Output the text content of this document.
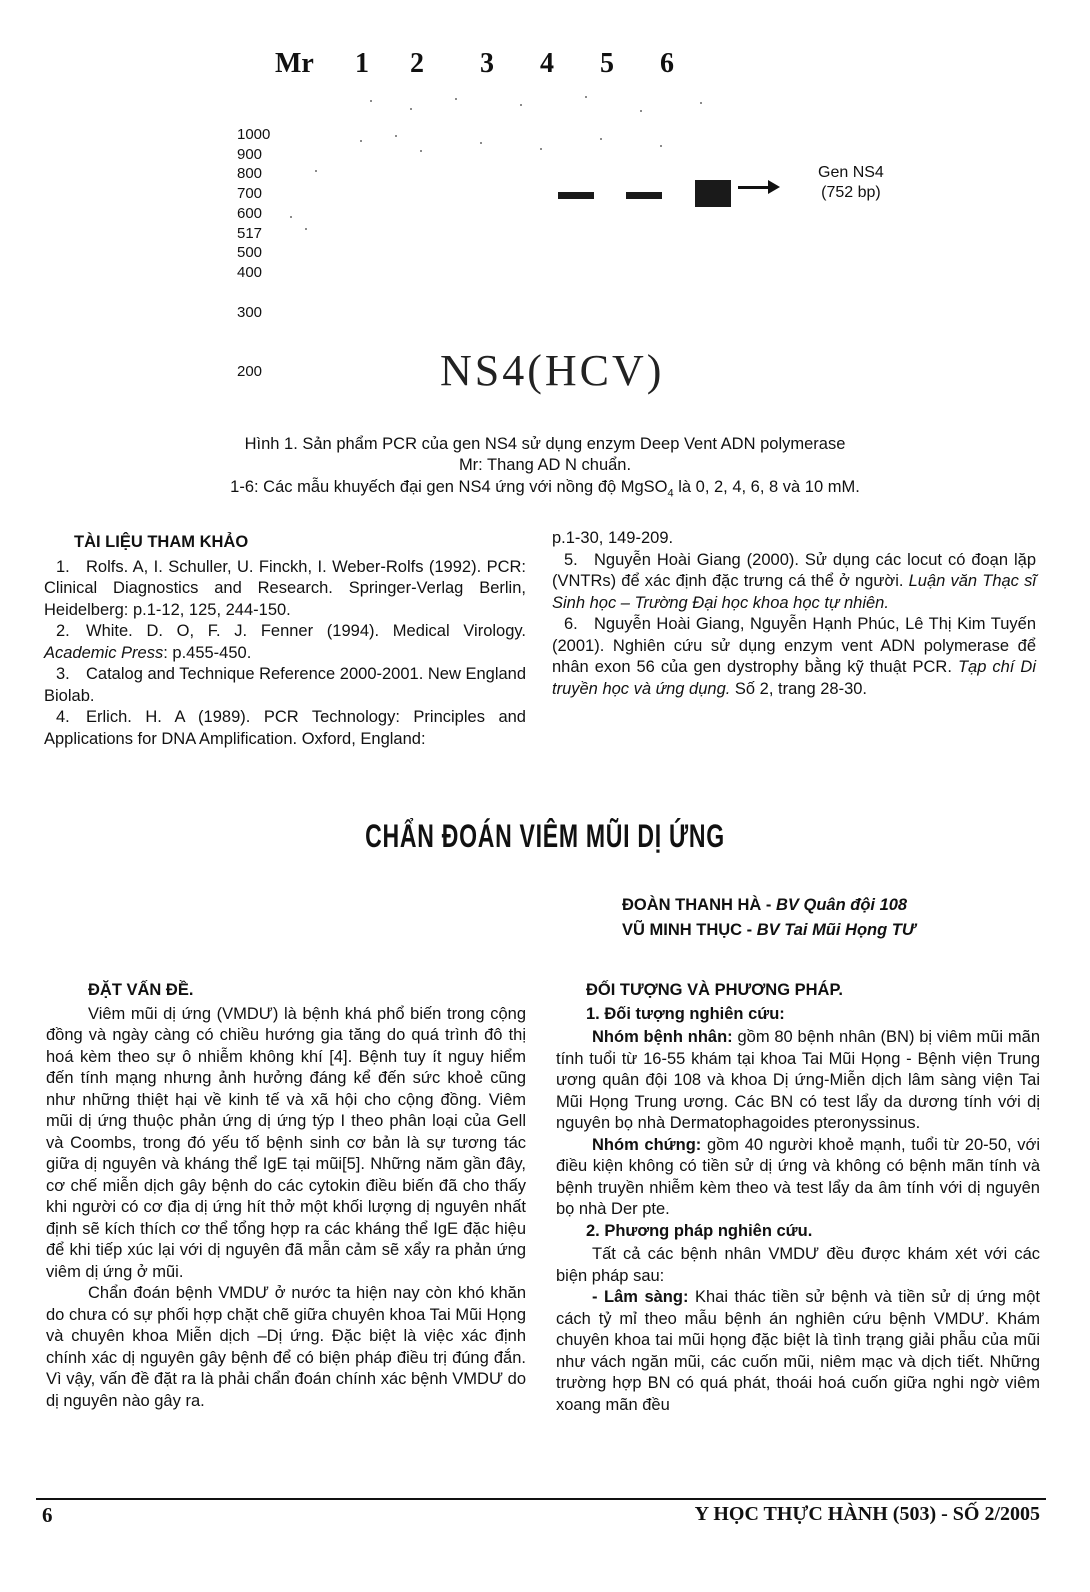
Mr 1 2 3 4 5 6
1000
900
800
700
600
517
500
400
300
200
Gen NS4
(752 bp)
NS4(HCV)
Hình 1. Sản phẩm PCR của gen NS4 sử dụng enzym Deep Vent ADN polymerase
Mr: Thang AD N chuẩn.
1-6: Các mẫu khuyếch đại gen NS4 ứng với nồng độ MgSO$_4$ là 0, 2, 4, 6, 8 và 10 mM.
TÀI LIỆU THAM KHẢO

1. Rolfs. A, I. Schuller, U. Finckh, I. Weber-Rolfs (1992). PCR: Clinical Diagnostics and Research. Springer-Verlag Berlin, Heidelberg: p.1-12, 125, 244-150.

2. White. D. O, F. J. Fenner (1994). Medical Virology. Academic Press: p.455-450.

3. Catalog and Technique Reference 2000-2001. New England Biolab.

4. Erlich. H. A (1989). PCR Technology: Principles and Applications for DNA Amplification. Oxford, England:

p.1-30, 149-209.

5. Nguyễn Hoài Giang (2000). Sử dụng các locut có đoạn lặp (VNTRs) để xác định đặc trưng cá thể ở người. Luận văn Thạc sĩ Sinh học – Trường Đại học khoa học tự nhiên.

6. Nguyễn Hoài Giang, Nguyễn Hạnh Phúc, Lê Thị Kim Tuyến (2001). Nghiên cứu sử dụng enzym vent ADN polymerase để nhân exon 56 của gen dystrophy bằng kỹ thuật PCR. Tạp chí Di truyền học và ứng dụng. Số 2, trang 28-30.

CHẨN ĐOÁN VIÊM MŨI DỊ ỨNG
ĐOÀN THANH HÀ - BV Quân đội 108
VŨ MINH THỤC - BV Tai Mũi Họng TƯ
ĐẶT VẤN ĐỀ.

Viêm mũi dị ứng (VMDƯ) là bệnh khá phổ biến trong cộng đồng và ngày càng có chiều hướng gia tăng do quá trình đô thị hoá kèm theo sự ô nhiễm không khí [4]. Bệnh tuy ít nguy hiểm đến tính mạng nhưng ảnh hưởng đáng kể đến sức khoẻ cũng như những thiệt hại về kinh tế và xã hội cho cộng đồng. Viêm mũi dị ứng thuộc phản ứng dị ứng týp I theo phân loại của Gell và Coombs, trong đó yếu tố bệnh sinh cơ bản là sự tương tác giữa dị nguyên và kháng thể IgE tại mũi[5]. Những năm gần đây, cơ chế miễn dịch gây bệnh do các cytokin điều biến đã cho thấy khi người có cơ địa dị ứng hít thở một khối lượng dị nguyên nhất định sẽ kích thích cơ thể tổng hợp ra các kháng thể IgE đặc hiệu để khi tiếp xúc lại với dị nguyên đã mẫn cảm sẽ xẩy ra phản ứng viêm dị ứng ở mũi.

Chẩn đoán bệnh VMDƯ ở nước ta hiện nay còn khó khăn do chưa có sự phối hợp chặt chẽ giữa chuyên khoa Tai Mũi Họng và chuyên khoa Miễn dịch –Dị ứng. Đặc biệt là việc xác định chính xác dị nguyên gây bệnh để có biện pháp điều trị đúng đắn. Vì vậy, vấn đề đặt ra là phải chẩn đoán chính xác bệnh VMDƯ do dị nguyên nào gây ra.

ĐỐI TƯỢNG VÀ PHƯƠNG PHÁP.
1. Đối tượng nghiên cứu:

Nhóm bệnh nhân: gồm 80 bệnh nhân (BN) bị viêm mũi mãn tính tuổi từ 16-55 khám tại khoa Tai Mũi Họng - Bệnh viện Trung ương quân đội 108 và khoa Dị ứng-Miễn dịch lâm sàng viện Tai Mũi Họng Trung ương. Các BN có test lẩy da dương tính với dị nguyên bọ nhà Dermatophagoides pteronyssinus.

Nhóm chứng: gồm 40 người khoẻ mạnh, tuổi từ 20-50, với điều kiện không có tiền sử dị ứng và không có bệnh mãn tính và bệnh truyền nhiễm kèm theo và test lẩy da âm tính với dị nguyên bọ nhà Der pte.

2. Phương pháp nghiên cứu.

Tất cả các bệnh nhân VMDƯ đều được khám xét với các biện pháp sau:

- Lâm sàng: Khai thác tiền sử bệnh và tiền sử dị ứng một cách tỷ mỉ theo mẫu bệnh án nghiên cứu bệnh VMDƯ. Khám chuyên khoa tai mũi họng đặc biệt là tình trạng giải phẫu của mũi như vách ngăn mũi, các cuốn mũi, niêm mạc và dịch tiết. Những trường hợp BN có quá phát, thoái hoá cuốn giữa nghi ngờ viêm xoang mãn đều

6	Y HỌC THỰC HÀNH (503) - SỐ 2/2005
